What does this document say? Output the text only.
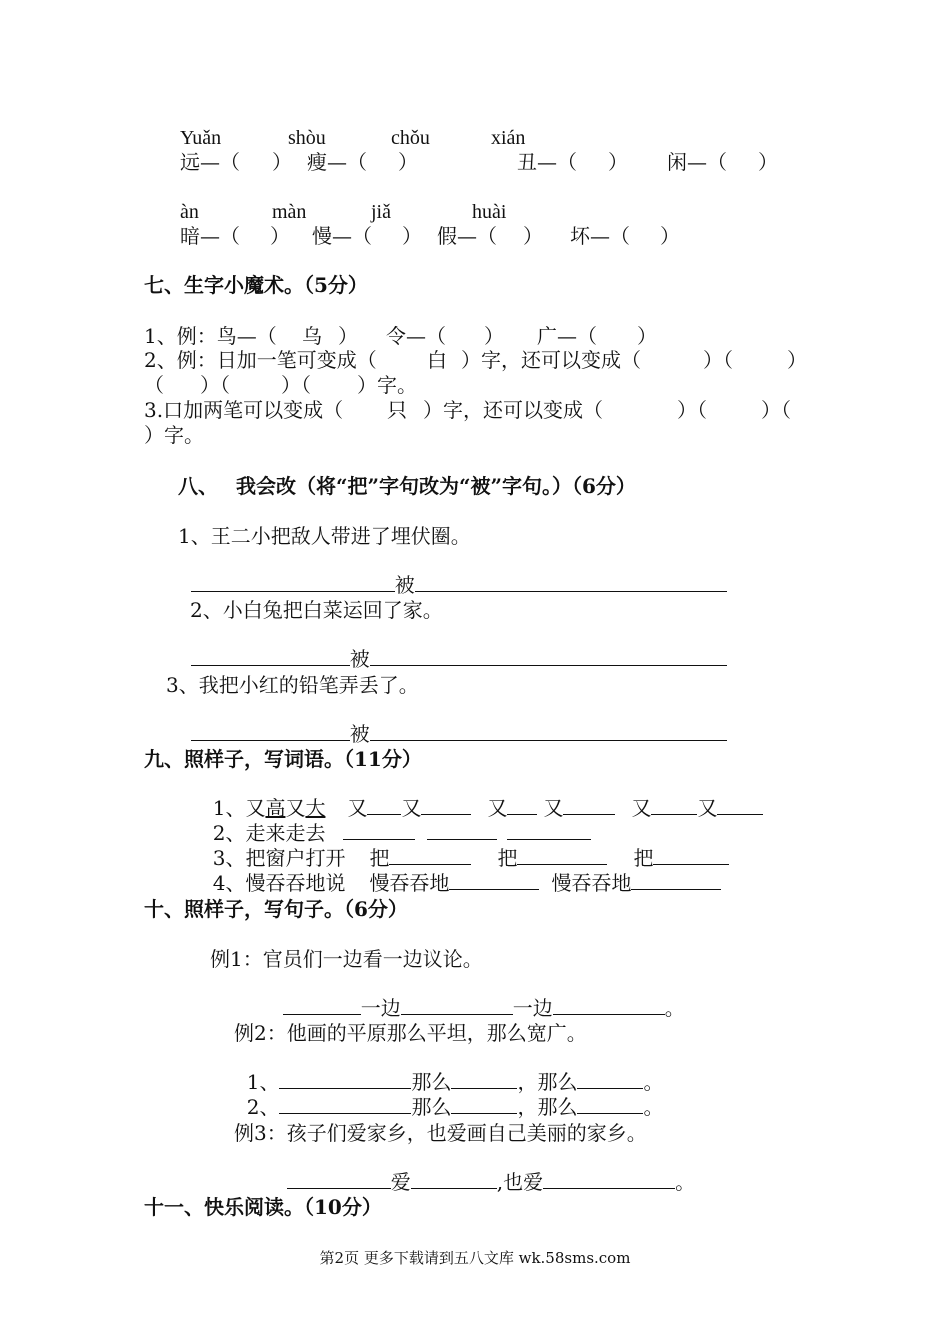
Yuǎn	shòu	chǒu	xián
远—（ ） 瘦—（ ）	丑—（ ） 闲—（ ）
àn	màn	jiǎ	huài
暗—（ ） 慢—（ ） 假—（ ） 坏—（ ）
七、生字小魔术。（5分）
1、例：鸟—（ 乌 ） 令—（ ） 广—（ ）
2、例：日加一笔可变成（	白 ）字，还可以变成（	）（	）
（ ）（	）（ ）字。
3.口加两笔可以变成（ 只 ）字，还可以变成（	）（	）（
）字。
八、 我会改（将“把”字句改为“被”字句。）（6分）
1、王二小把敌人带进了埋伏圈。

被

2、小白兔把白菜运回了家。

被

3、我把小红的铅笔弄丢了。

被

九、照样子，写词语。（11分）

1、又高又大 又 又	又 又	又 又

2、走来走去

3、把窗户打开 把	把	把

4、慢吞吞地说 慢吞吞地	慢吞吞地

十、照样子，写句子。（6分）
例1：官员们一边看一边议论。

一边	一边	。

例2：他画的平原那么平坦，那么宽广。

1、	那么	，那么	。

2、	那么	，那么	。

例3：孩子们爱家乡，也爱画自己美丽的家乡。

爱	,也爱	。

十一、快乐阅读。（10分）
第2页 更多下载请到五八文库 wk.58sms.com
